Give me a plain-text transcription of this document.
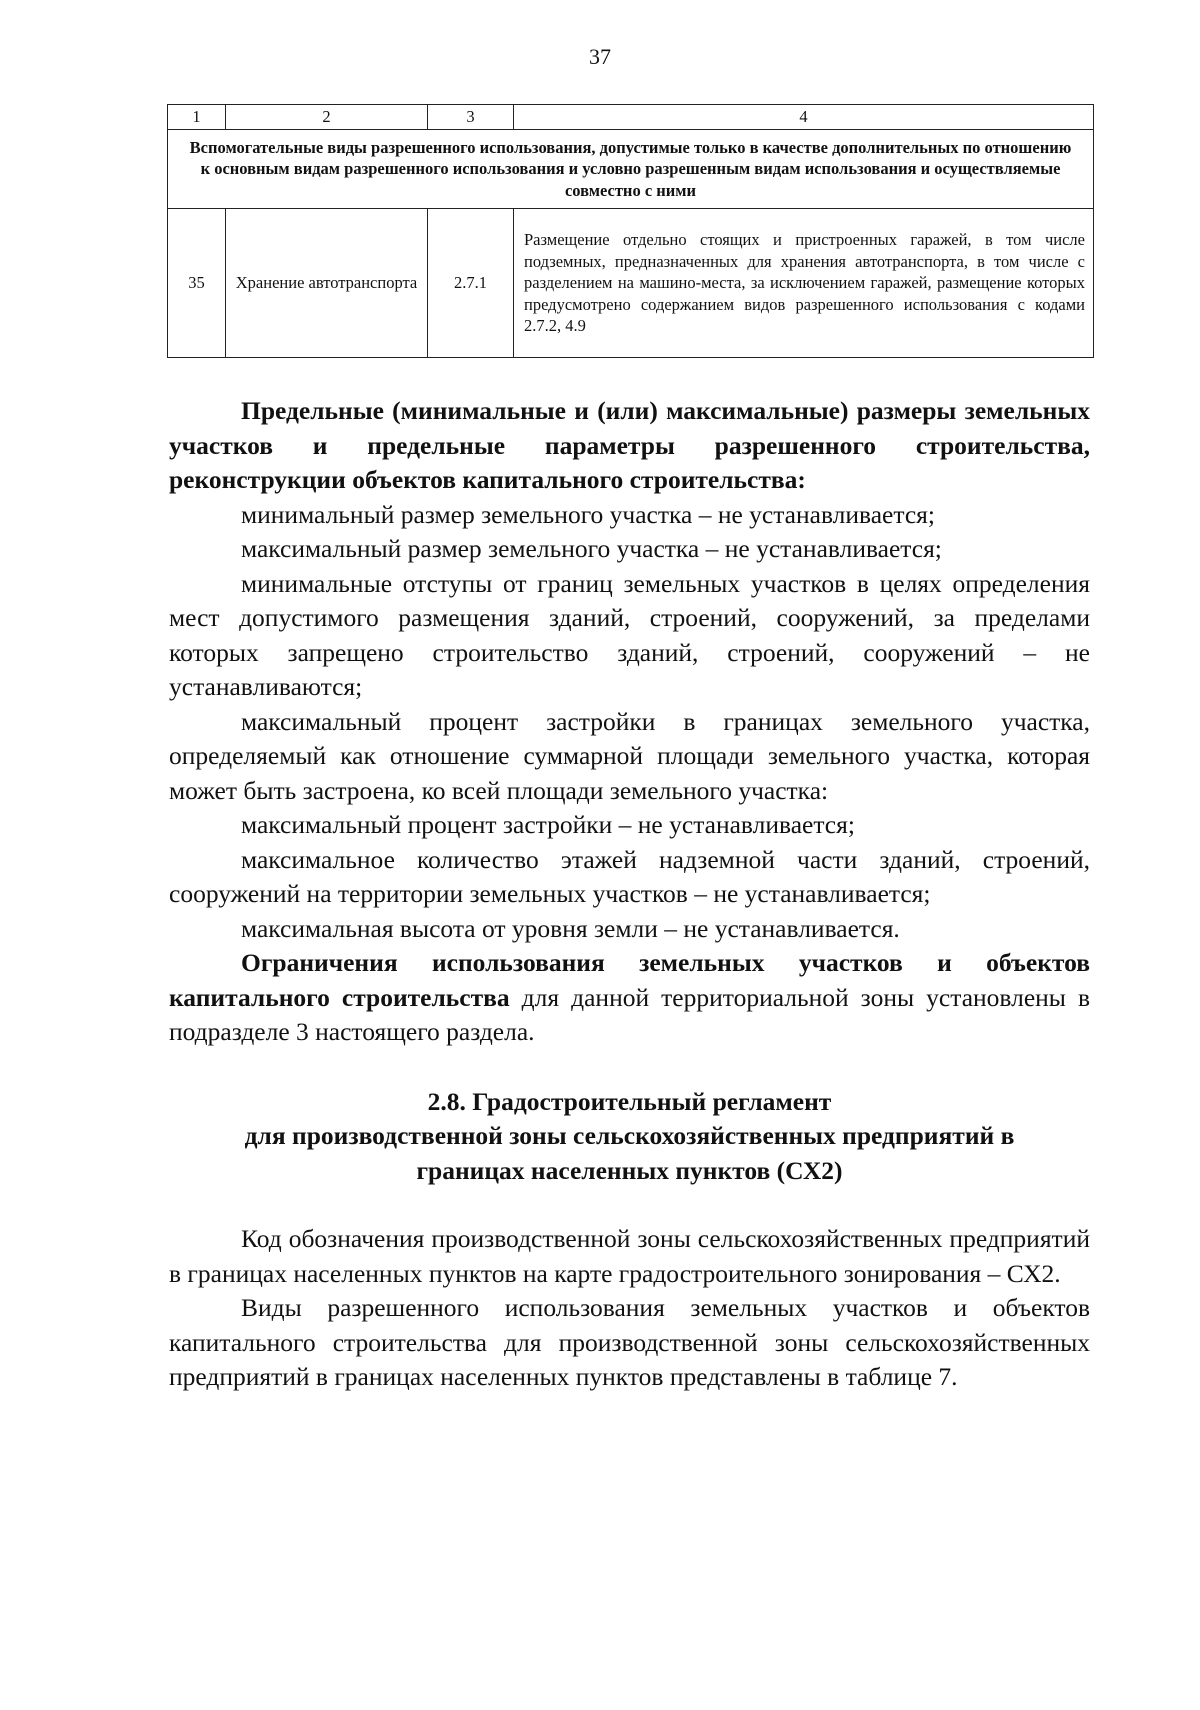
37
1	2	3	4
Вспомогательные виды разрешенного использования, допустимые только в качестве дополнительных по отношению к основным видам разрешенного использования и условно разрешенным видам использования и осуществляемые совместно с ними			
35	Хранение автотранспорта	2.7.1	Размещение отдельно стоящих и пристроенных гаражей, в том числе подземных, предназначенных для хранения автотранспорта, в том числе с разделением на машино-места, за исключением гаражей, размещение которых предусмотрено содержанием видов разрешенного использования с кодами 2.7.2, 4.9

Предельные (минимальные и (или) максимальные) размеры земельных участков и предельные параметры разрешенного строительства, реконструкции объектов капитального строительства:

минимальный размер земельного участка – не устанавливается;

максимальный размер земельного участка – не устанавливается;

минимальные отступы от границ земельных участков в целях определения мест допустимого размещения зданий, строений, сооружений, за пределами которых запрещено строительство зданий, строений, сооружений – не устанавливаются;

максимальный процент застройки в границах земельного участка, определяемый как отношение суммарной площади земельного участка, которая может быть застроена, ко всей площади земельного участка:

максимальный процент застройки – не устанавливается;

максимальное количество этажей надземной части зданий, строений, сооружений на территории земельных участков – не устанавливается;

максимальная высота от уровня земли – не устанавливается.

Ограничения использования земельных участков и объектов капитального строительства для данной территориальной зоны установлены в подразделе 3 настоящего раздела.

2.8. Градостроительный регламент
для производственной зоны сельскохозяйственных предприятий в
границах населенных пунктов (СХ2)

Код обозначения производственной зоны сельскохозяйственных предприятий в границах населенных пунктов на карте градостроительного зонирования – СХ2.

Виды разрешенного использования земельных участков и объектов капитального строительства для производственной зоны сельскохозяйственных предприятий в границах населенных пунктов представлены в таблице 7.
